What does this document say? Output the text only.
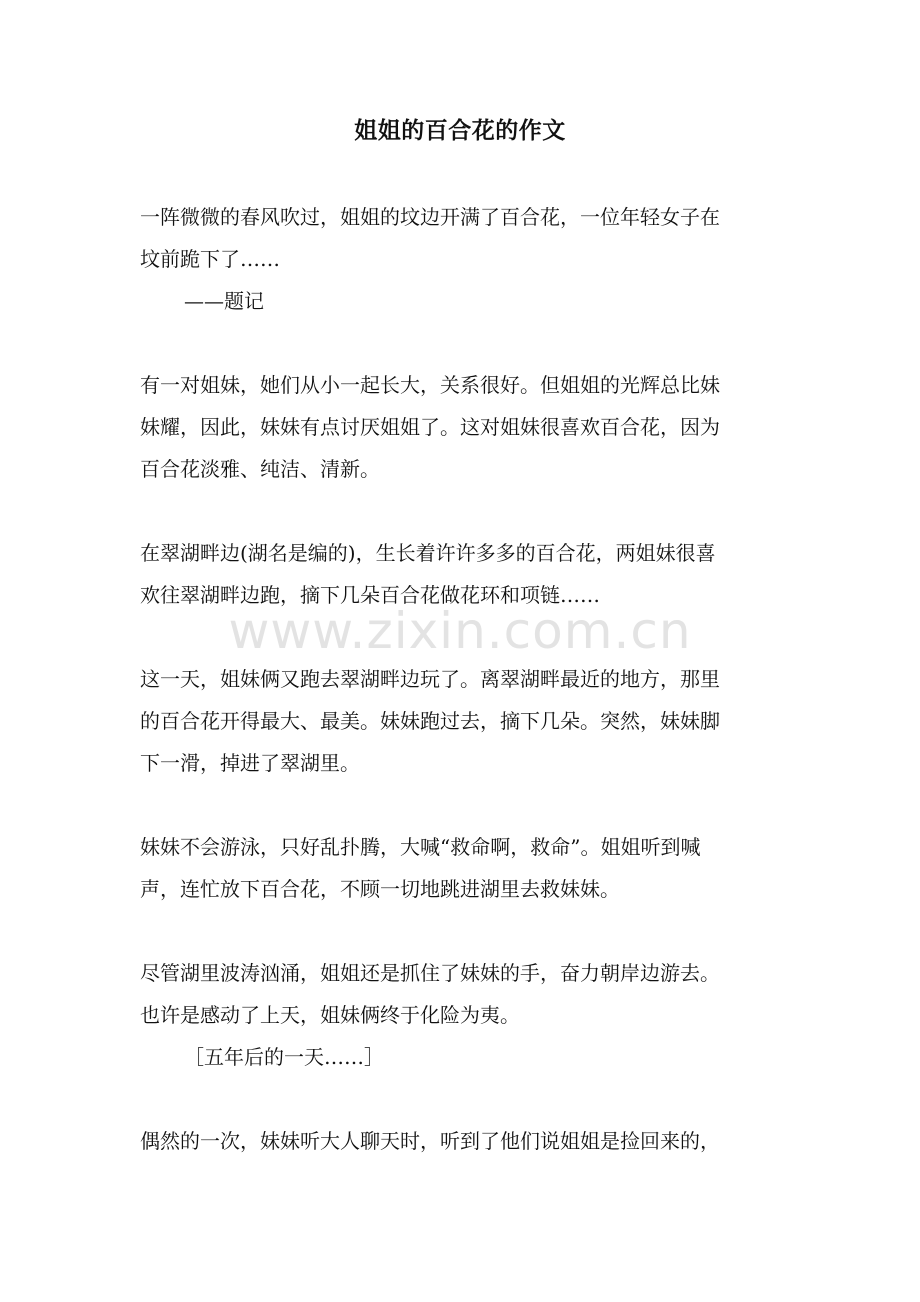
www.zixin.com.cn
姐姐的百合花的作文
一阵微微的春风吹过，姐姐的坟边开满了百合花，一位年轻女子在
坟前跪下了……
——题记
有一对姐妹，她们从小一起长大，关系很好。但姐姐的光辉总比妹
妹耀，因此，妹妹有点讨厌姐姐了。这对姐妹很喜欢百合花，因为
百合花淡雅、纯洁、清新。
在翠湖畔边(湖名是编的)，生长着许许多多的百合花，两姐妹很喜
欢往翠湖畔边跑，摘下几朵百合花做花环和项链……
这一天，姐妹俩又跑去翠湖畔边玩了。离翠湖畔最近的地方，那里
的百合花开得最大、最美。妹妹跑过去，摘下几朵。突然，妹妹脚
下一滑，掉进了翠湖里。
妹妹不会游泳，只好乱扑腾，大喊“救命啊，救命”。姐姐听到喊
声，连忙放下百合花，不顾一切地跳进湖里去救妹妹。
尽管湖里波涛汹涌，姐姐还是抓住了妹妹的手，奋力朝岸边游去。
也许是感动了上天，姐妹俩终于化险为夷。
［五年后的一天……］
偶然的一次，妹妹听大人聊天时，听到了他们说姐姐是捡回来的，
